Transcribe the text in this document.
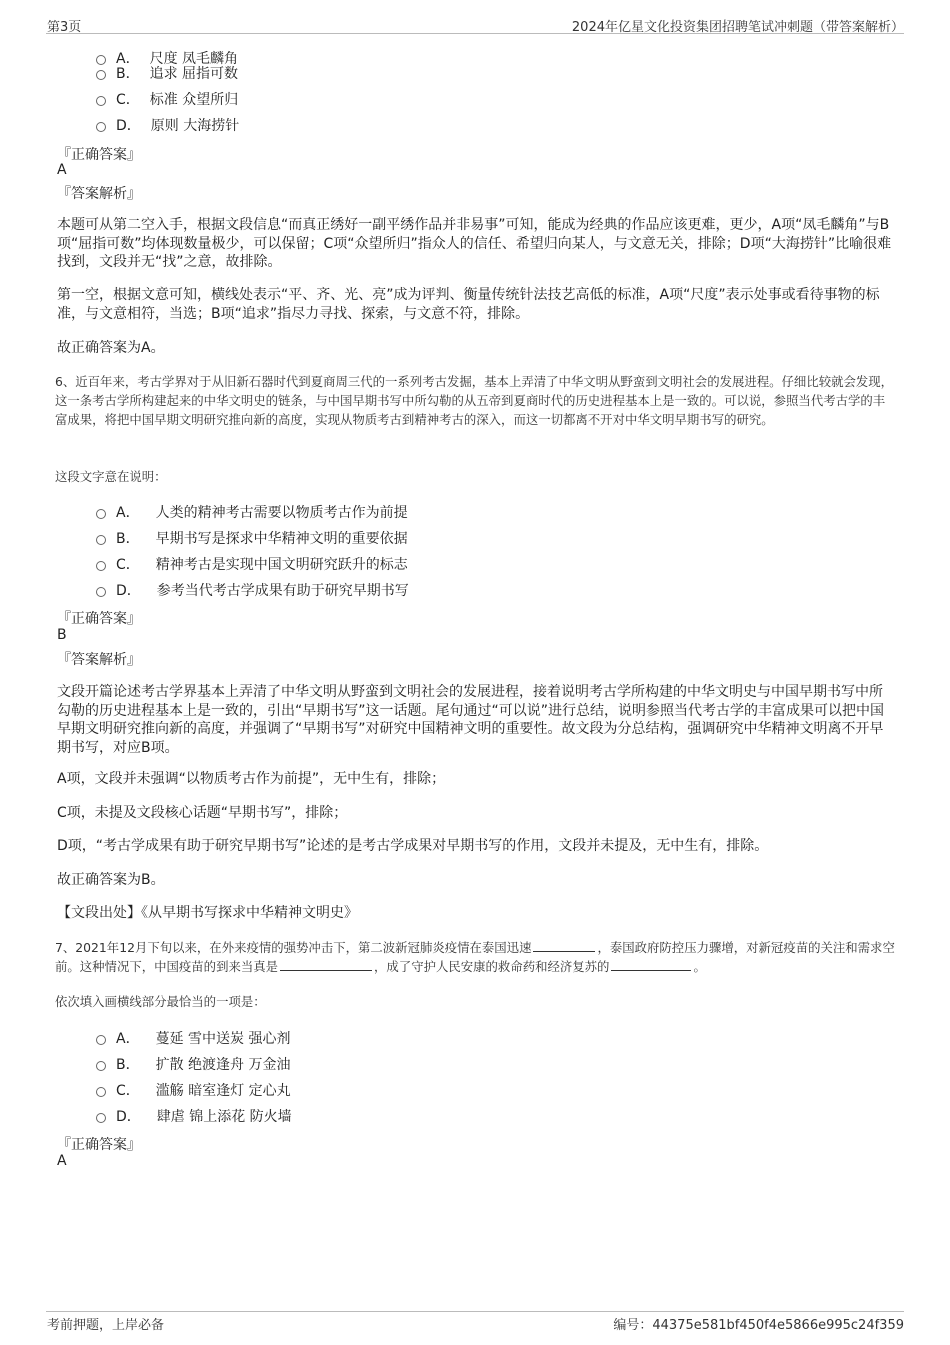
第3页	2024年亿星文化投资集团招聘笔试冲刺题（带答案解析）
A． 尺度 凤毛麟角
B． 追求 屈指可数
C． 标准 众望所归
D． 原则 大海捞针
『正确答案』
A
『答案解析』
本题可从第二空入手，根据文段信息“而真正绣好一副平绣作品并非易事”可知，能成为经典的作品应该更难，更少，A项“凤毛麟角”与B项“屈指可数”均体现数量极少，可以保留；C项“众望所归”指众人的信任、希望归向某人，与文意无关，排除；D项“大海捞针”比喻很难找到，文段并无“找”之意，故排除。
第一空，根据文意可知，横线处表示“平、齐、光、亮”成为评判、衡量传统针法技艺高低的标准，A项“尺度”表示处事或看待事物的标准，与文意相符，当选；B项“追求”指尽力寻找、探索，与文意不符，排除。
故正确答案为A。
6、近百年来，考古学界对于从旧新石器时代到夏商周三代的一系列考古发掘，基本上弄清了中华文明从野蛮到文明社会的发展进程。仔细比较就会发现，这一条考古学所构建起来的中华文明史的链条，与中国早期书写中所勾勒的从五帝到夏商时代的历史进程基本上是一致的。可以说，参照当代考古学的丰富成果，将把中国早期文明研究推向新的高度，实现从物质考古到精神考古的深入，而这一切都离不开对中华文明早期书写的研究。
这段文字意在说明：
A． 人类的精神考古需要以物质考古作为前提
B． 早期书写是探求中华精神文明的重要依据
C． 精神考古是实现中国文明研究跃升的标志
D． 参考当代考古学成果有助于研究早期书写
『正确答案』
B
『答案解析』
文段开篇论述考古学界基本上弄清了中华文明从野蛮到文明社会的发展进程，接着说明考古学所构建的中华文明史与中国早期书写中所勾勒的历史进程基本上是一致的，引出“早期书写”这一话题。尾句通过“可以说”进行总结，说明参照当代考古学的丰富成果可以把中国早期文明研究推向新的高度，并强调了“早期书写”对研究中国精神文明的重要性。故文段为分总结构，强调研究中华精神文明离不开早期书写，对应B项。
A项，文段并未强调“以物质考古作为前提”，无中生有，排除；
C项，未提及文段核心话题“早期书写”，排除；
D项，“考古学成果有助于研究早期书写”论述的是考古学成果对早期书写的作用，文段并未提及，无中生有，排除。
故正确答案为B。
【文段出处】《从早期书写探求中华精神文明史》
7、2021年12月下旬以来，在外来疫情的强势冲击下，第二波新冠肺炎疫情在泰国迅速	，泰国政府防控压力骤增，对新冠疫苗的关注和需求空前。这种情况下，中国疫苗的到来当真是	，成了守护人民安康的救命药和经济复苏的	。
依次填入画横线部分最恰当的一项是：
A． 蔓延 雪中送炭 强心剂
B． 扩散 绝渡逢舟 万金油
C． 滥觞 暗室逢灯 定心丸
D． 肆虐 锦上添花 防火墙
『正确答案』
A
考前押题，上岸必备	编号：44375e581bf450f4e5866e995c24f359
